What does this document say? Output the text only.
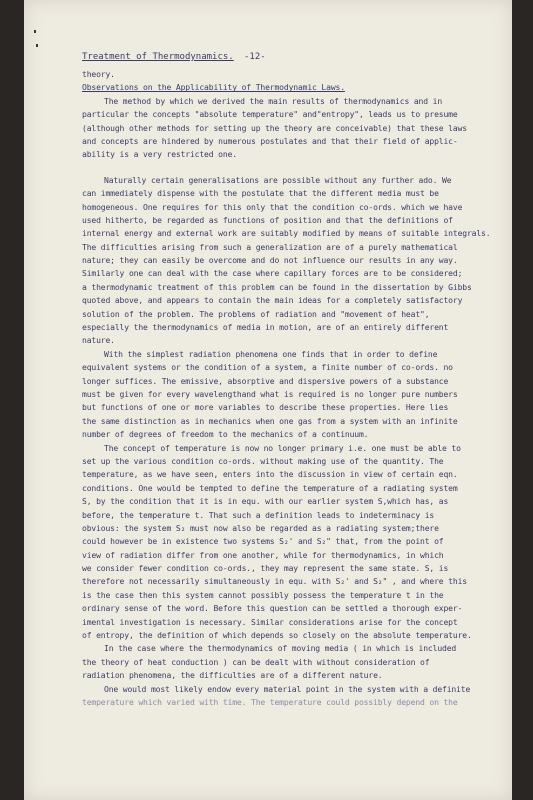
Treatment of Thermodynamics. -12-
theory.
Observations on the Applicability of Thermodynamic Laws.
The method by which we derived the main results of thermodynamics and in
particular the concepts "absolute temperature" and"entropy", leads us to presume
(although other methods for setting up the theory are conceivable) that these laws
and concepts are hindered by numerous postulates and that their field of applic-
ability is a very restricted one.
Naturally certain generalisations are possible without any further ado. We
can immediately dispense with the postulate that the different media must be
homogeneous. One requires for this only that the condition co-ords. which we have
used hitherto, be regarded as functions of position and that the definitions of
internal energy and external work are suitably modified by means of suitable integrals.
The difficulties arising from such a generalization are of a purely mathematical
nature; they can easily be overcome and do not influence our results in any way.
Similarly one can deal with the case where capillary forces are to be considered;
a thermodynamic treatment of this problem can be found in the dissertation by Gibbs
quoted above, and appears to contain the main ideas for a completely satisfactory
solution of the problem. The problems of radiation and "movement of heat",
especially the thermodynamics of media in motion, are of an entirely different
nature.
With the simplest radiation phenomena one finds that in order to define
equivalent systems or the condition of a system, a finite number of co-ords. no
longer suffices. The emissive, absorptive and dispersive powers of a substance
must be given for every wavelengthand what is required is no longer pure numbers
but functions of one or more variables to describe these properties. Here lies
the same distinction as in mechanics when one gas from a system with an infinite
number of degrees of freedom to the mechanics of a continuum.
The concept of temperature is now no longer primary i.e. one must be able to
set up the various condition co-ords. without making use of the quantity. The
temperature, as we have seen, enters into the discussion in view of certain eqn.
conditions. One would be tempted to define the temperature of a radiating system
S, by the condition that it is in equ. with our earlier system S,which has, as
before, the temperature t. That such a definition leads to indeterminacy is
obvious: the system S₂ must now also be regarded as a radiating system;there
could however be in existence two systems S₂' and S₂" that, from the point of
view of radiation differ from one another, while for thermodynamics, in which
we consider fewer condition co-ords., they may represent the same state. S, is
therefore not necessarily simultaneously in equ. with S₂' and S₂" , and where this
is the case then this system cannot possibly possess the temperature t in the
ordinary sense of the word. Before this question can be settled a thorough exper-
imental investigation is necessary. Similar considerations arise for the concept
of entropy, the definition of which depends so closely on the absolute temperature.
In the case where the thermodynamics of moving media ( in which is included
the theory of heat conduction ) can be dealt with without consideration of
radiation phenomena, the difficulties are of a different nature.
One would most likely endow every material point in the system with a definite
temperature which varied with time. The temperature could possibly depend on the
